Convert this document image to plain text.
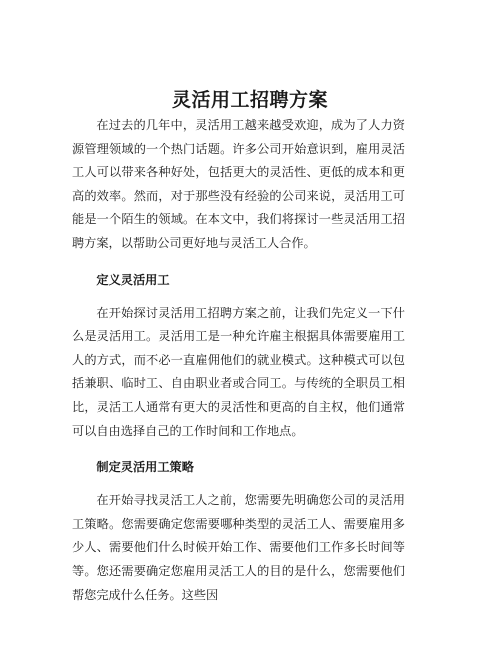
灵活用工招聘方案

在过去的几年中，灵活用工越来越受欢迎，成为了人力资源管理领域的一个热门话题。许多公司开始意识到，雇用灵活工人可以带来各种好处，包括更大的灵活性、更低的成本和更高的效率。然而，对于那些没有经验的公司来说，灵活用工可能是一个陌生的领域。在本文中，我们将探讨一些灵活用工招聘方案，以帮助公司更好地与灵活工人合作。

定义灵活用工

在开始探讨灵活用工招聘方案之前，让我们先定义一下什么是灵活用工。灵活用工是一种允许雇主根据具体需要雇用工人的方式，而不必一直雇佣他们的就业模式。这种模式可以包括兼职、临时工、自由职业者或合同工。与传统的全职员工相比，灵活工人通常有更大的灵活性和更高的自主权，他们通常可以自由选择自己的工作时间和工作地点。

制定灵活用工策略

在开始寻找灵活工人之前，您需要先明确您公司的灵活用工策略。您需要确定您需要哪种类型的灵活工人、需要雇用多少人、需要他们什么时候开始工作、需要他们工作多长时间等等。您还需要确定您雇用灵活工人的目的是什么，您需要他们帮您完成什么任务。这些因
